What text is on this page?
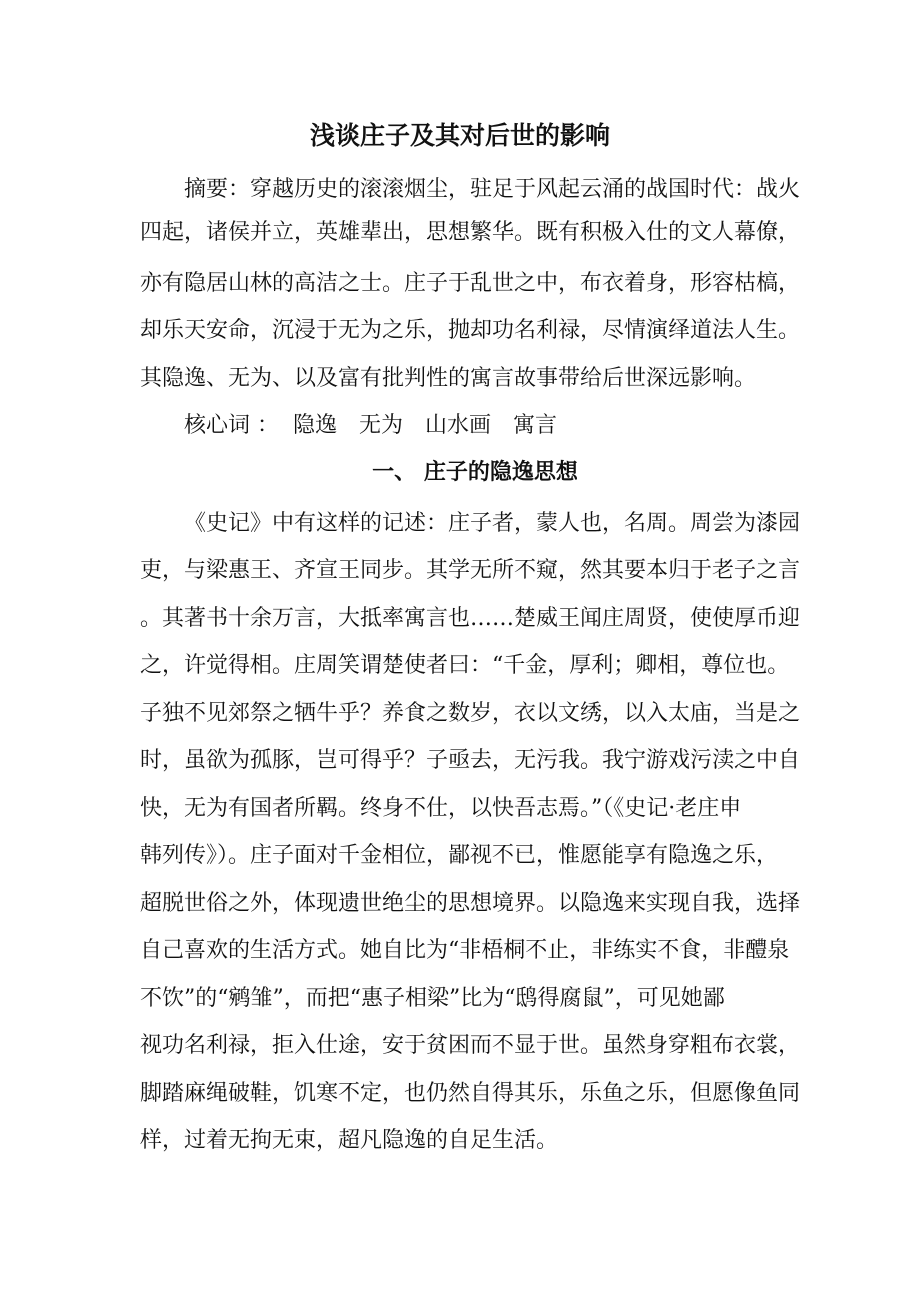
浅谈庄子及其对后世的影响

摘要：穿越历史的滚滚烟尘，驻足于风起云涌的战国时代：战火

四起，诸侯并立，英雄辈出，思想繁华。既有积极入仕的文人幕僚，

亦有隐居山林的高洁之士。庄子于乱世之中，布衣着身，形容枯槁，

却乐天安命，沉浸于无为之乐，抛却功名利禄，尽情演绎道法人生。

其隐逸、无为、以及富有批判性的寓言故事带给后世深远影响。

核心词 ： 隐逸 无为 山水画 寓言

一、 庄子的隐逸思想

《史记》中有这样的记述：庄子者，蒙人也，名周。周尝为漆园

吏，与梁惠王、齐宣王同步。其学无所不窥，然其要本归于老子之言

。其著书十余万言，大抵率寓言也……楚威王闻庄周贤，使使厚币迎

之，许觉得相。庄周笑谓楚使者曰：“千金，厚利；卿相，尊位也。

子独不见郊祭之牺牛乎？养食之数岁，衣以文绣，以入太庙，当是之

时，虽欲为孤豚，岂可得乎？子亟去，无污我。我宁游戏污渎之中自

快，无为有国者所羁。终身不仕，以快吾志焉。”（《史记·老庄申

韩列传》）。庄子面对千金相位，鄙视不已，惟愿能享有隐逸之乐，

超脱世俗之外，体现遗世绝尘的思想境界。以隐逸来实现自我，选择

自己喜欢的生活方式。她自比为“非梧桐不止，非练实不食，非醴泉

不饮”的“鹓雏”，而把“惠子相梁”比为“鸱得腐鼠”，可见她鄙

视功名利禄，拒入仕途，安于贫困而不显于世。虽然身穿粗布衣裳，

脚踏麻绳破鞋，饥寒不定，也仍然自得其乐，乐鱼之乐，但愿像鱼同

样，过着无拘无束，超凡隐逸的自足生活。
